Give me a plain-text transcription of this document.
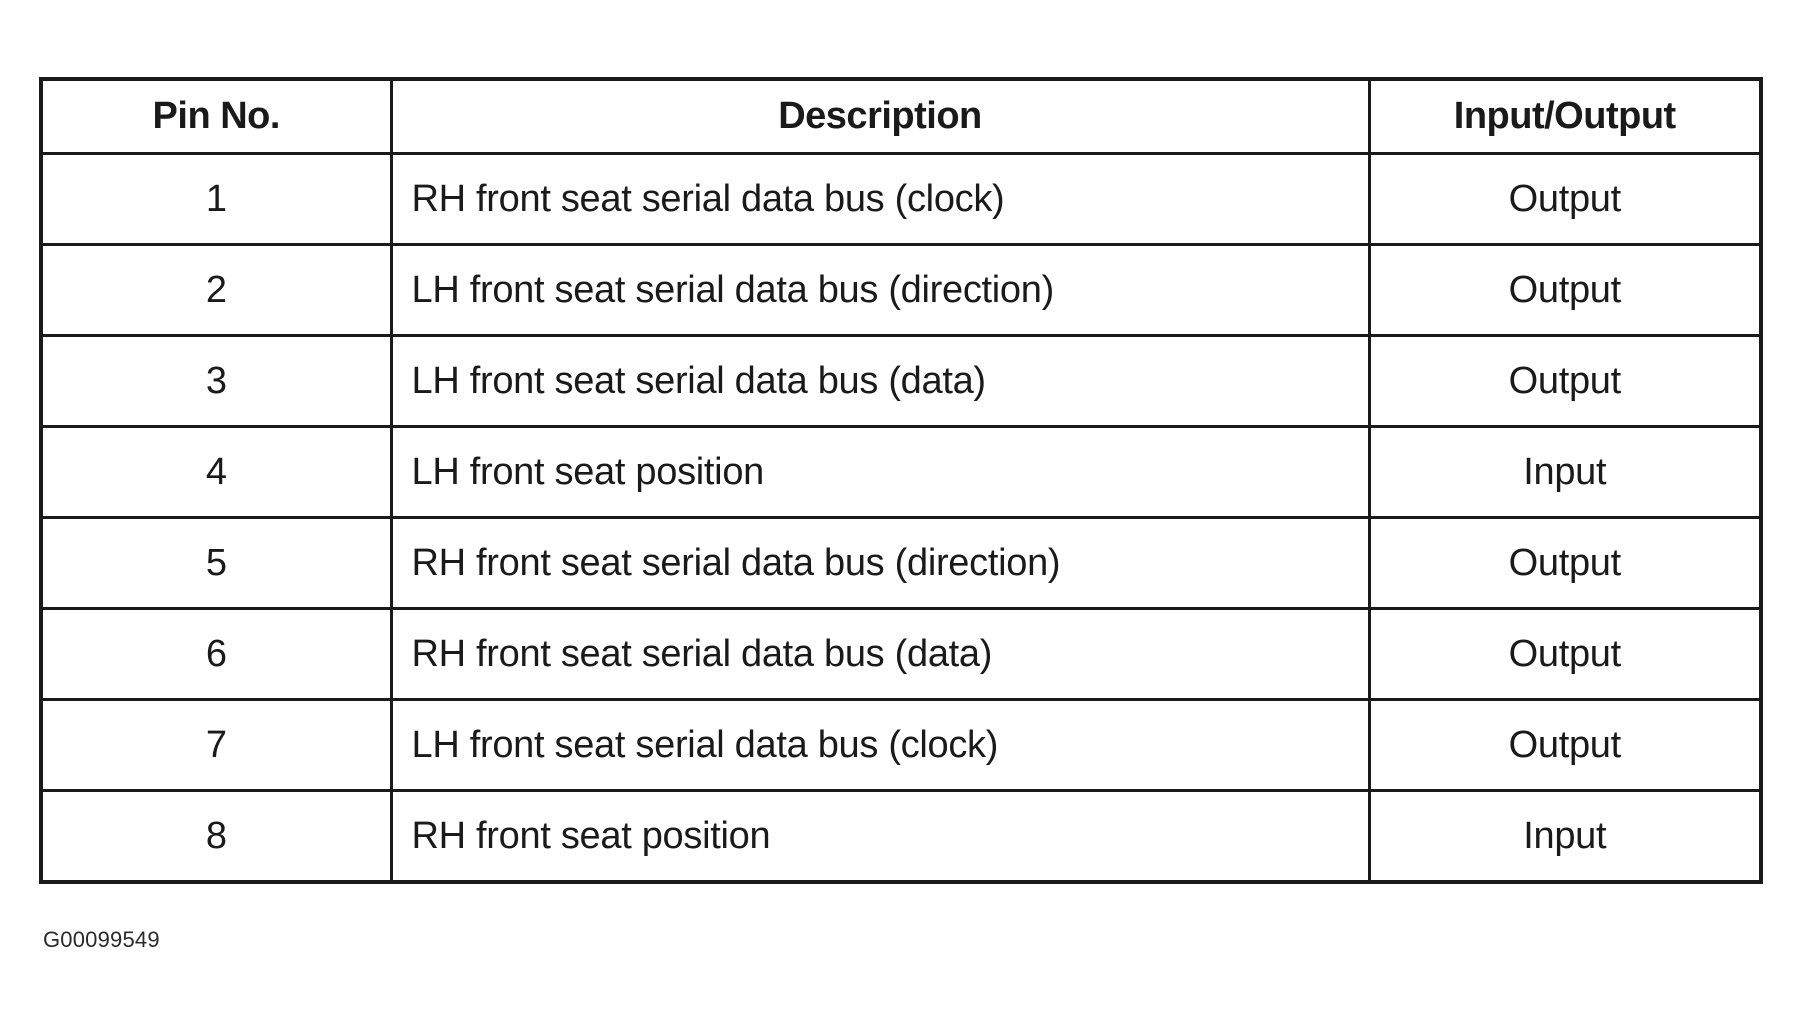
Pin No.	Description	Input/Output
1	RH front seat serial data bus (clock)	Output
2	LH front seat serial data bus (direction)	Output
3	LH front seat serial data bus (data)	Output
4	LH front seat position	Input
5	RH front seat serial data bus (direction)	Output
6	RH front seat serial data bus (data)	Output
7	LH front seat serial data bus (clock)	Output
8	RH front seat position	Input
G00099549
